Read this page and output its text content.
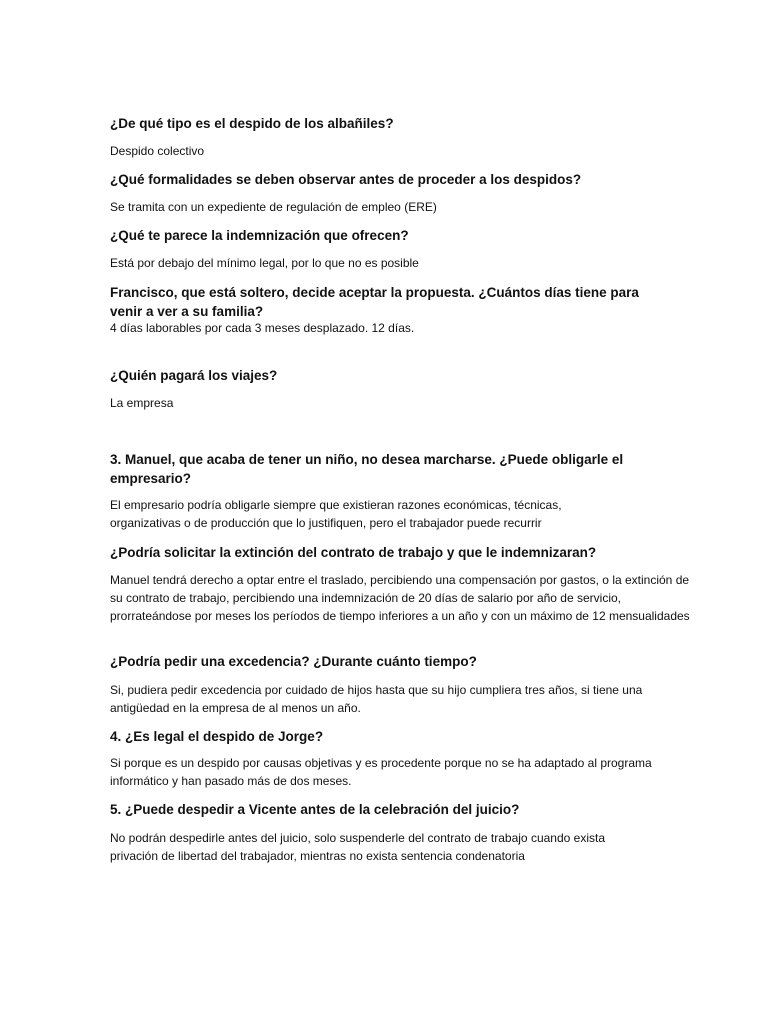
¿De qué tipo es el despido de los albañiles?

Despido colectivo

¿Qué formalidades se deben observar antes de proceder a los despidos?

Se tramita con un expediente de regulación de empleo (ERE)

¿Qué te parece la indemnización que ofrecen?

Está por debajo del mínimo legal, por lo que no es posible

Francisco, que está soltero, decide aceptar la propuesta. ¿Cuántos días tiene para venir a ver a su familia?

4 días laborables por cada 3 meses desplazado. 12 días.

¿Quién pagará los viajes?

La empresa

3. Manuel, que acaba de tener un niño, no desea marcharse. ¿Puede obligarle el empresario?

El empresario podría obligarle siempre que existieran razones económicas, técnicas, organizativas o de producción que lo justifiquen, pero el trabajador puede recurrir

¿Podría solicitar la extinción del contrato de trabajo y que le indemnizaran?

Manuel tendrá derecho a optar entre el traslado, percibiendo una compensación por gastos, o la extinción de su contrato de trabajo, percibiendo una indemnización de 20 días de salario por año de servicio, prorrateándose por meses los períodos de tiempo inferiores a un año y con un máximo de 12 mensualidades

¿Podría pedir una excedencia? ¿Durante cuánto tiempo?

Si, pudiera pedir excedencia por cuidado de hijos hasta que su hijo cumpliera tres años, si tiene una antigüedad en la empresa de al menos un año.

4. ¿Es legal el despido de Jorge?

Si porque es un despido por causas objetivas y es procedente porque no se ha adaptado al programa informático y han pasado más de dos meses.

5. ¿Puede despedir a Vicente antes de la celebración del juicio?

No podrán despedirle antes del juicio, solo suspenderle del contrato de trabajo cuando exista privación de libertad del trabajador, mientras no exista sentencia condenatoria
